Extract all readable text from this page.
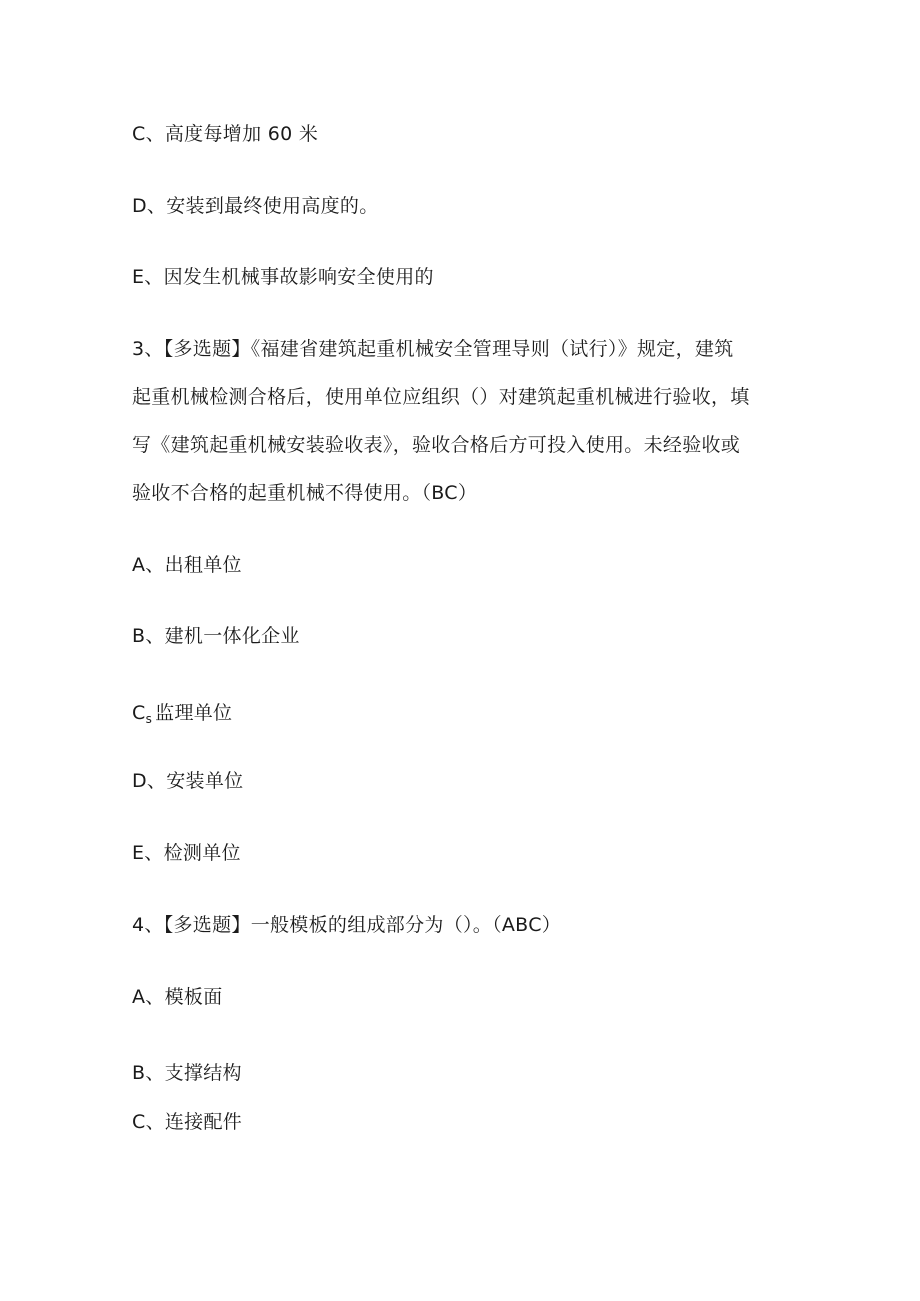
C、高度每增加 60 米
D、安装到最终使用高度的。
E、因发生机械事故影响安全使用的
3、【多选题】《福建省建筑起重机械安全管理导则（试行）》规定，建筑
起重机械检测合格后，使用单位应组织（）对建筑起重机械进行验收，填
写《建筑起重机械安装验收表》，验收合格后方可投入使用。未经验收或
验收不合格的起重机械不得使用。（BC）
A、出租单位
B、建机一体化企业
$C_s$ 监理单位
D、安装单位
E、检测单位
4、【多选题】一般模板的组成部分为（）。（ABC）
A、模板面
B、支撑结构
C、连接配件
